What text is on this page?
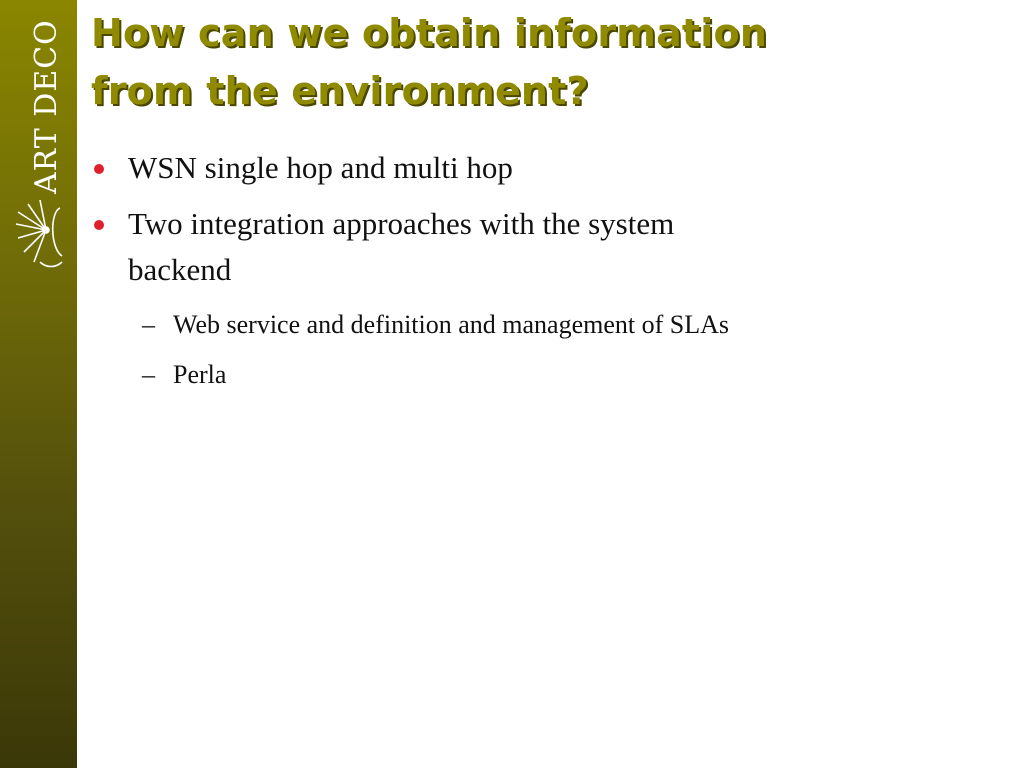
ART DECO How can we obtain information
from the environment?
WSN single hop and multi hop
Two integration approaches with the system
backend
– Web service and definition and management of SLAs
– Perla
